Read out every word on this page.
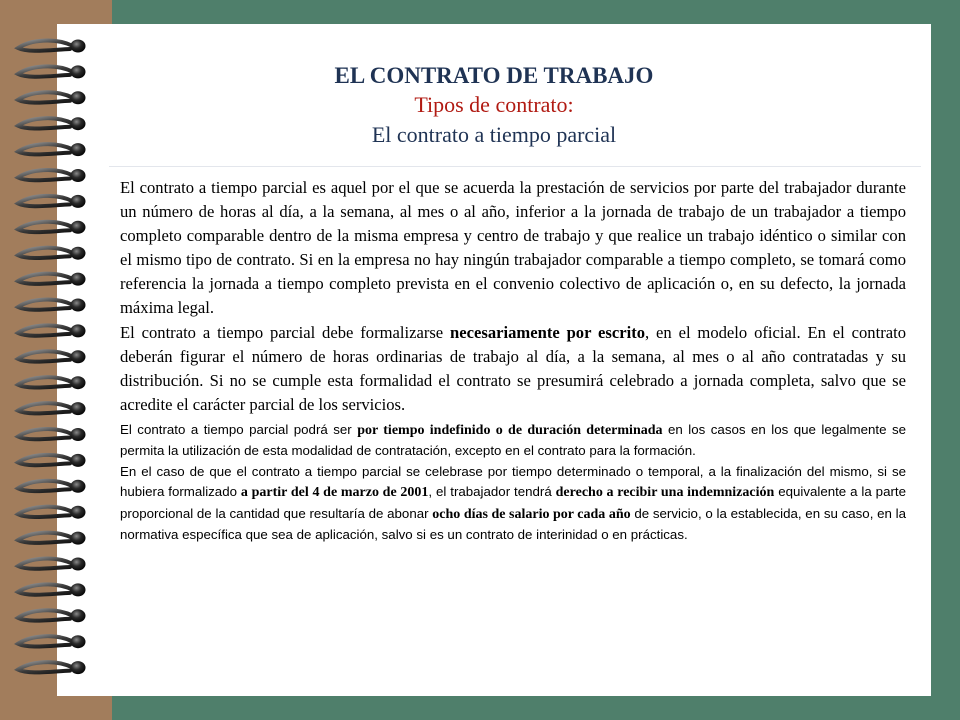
EL CONTRATO DE TRABAJO
Tipos de contrato:
El contrato a tiempo parcial

El contrato a tiempo parcial es aquel por el que se acuerda la prestación de servicios por parte del trabajador durante un número de horas al día, a la semana, al mes o al año, inferior a la jornada de trabajo de un trabajador a tiempo completo comparable dentro de la misma empresa y centro de trabajo y que realice un trabajo idéntico o similar con el mismo tipo de contrato. Si en la empresa no hay ningún trabajador comparable a tiempo completo, se tomará como referencia la jornada a tiempo completo prevista en el convenio colectivo de aplicación o, en su defecto, la jornada máxima legal.

El contrato a tiempo parcial debe formalizarse necesariamente por escrito, en el modelo oficial. En el contrato deberán figurar el número de horas ordinarias de trabajo al día, a la semana, al mes o al año contratadas y su distribución. Si no se cumple esta formalidad el contrato se presumirá celebrado a jornada completa, salvo que se acredite el carácter parcial de los servicios.

El contrato a tiempo parcial podrá ser por tiempo indefinido o de duración determinada en los casos en los que legalmente se permita la utilización de esta modalidad de contratación, excepto en el contrato para la formación.

En el caso de que el contrato a tiempo parcial se celebrase por tiempo determinado o temporal, a la finalización del mismo, si se hubiera formalizado a partir del 4 de marzo de 2001, el trabajador tendrá derecho a recibir una indemnización equivalente a la parte proporcional de la cantidad que resultaría de abonar ocho días de salario por cada año de servicio, o la establecida, en su caso, en la normativa específica que sea de aplicación, salvo si es un contrato de interinidad o en prácticas.
